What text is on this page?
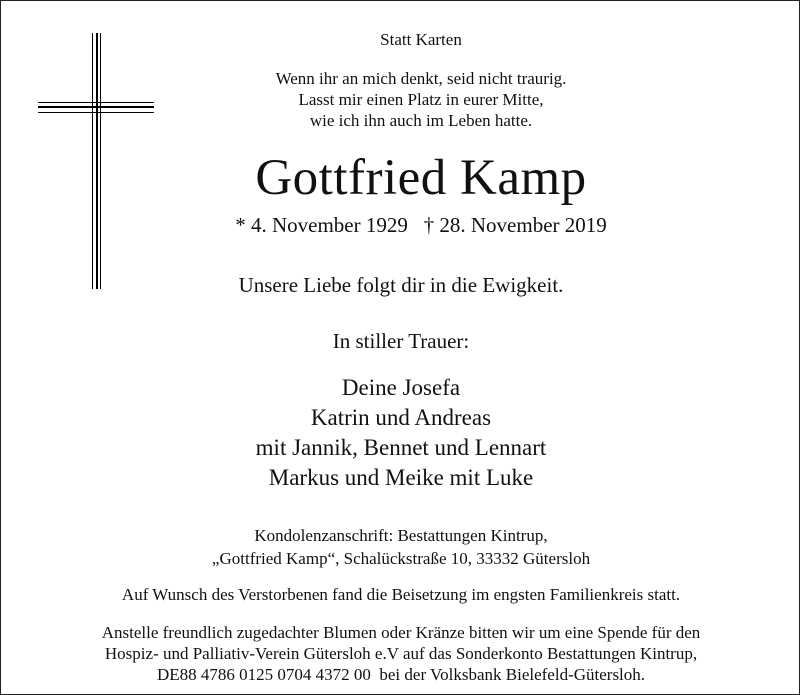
Statt Karten
Wenn ihr an mich denkt, seid nicht traurig.
Lasst mir einen Platz in eurer Mitte,
wie ich ihn auch im Leben hatte.
Gottfried Kamp
* 4. November 1929   † 28. November 2019
Unsere Liebe folgt dir in die Ewigkeit.
In stiller Trauer:
Deine Josefa
Katrin und Andreas
mit Jannik, Bennet und Lennart
Markus und Meike mit Luke
Kondolenzanschrift: Bestattungen Kintrup,
„Gottfried Kamp“, Schalückstraße 10, 33332 Gütersloh
Auf Wunsch des Verstorbenen fand die Beisetzung im engsten Familienkreis statt.
Anstelle freundlich zugedachter Blumen oder Kränze bitten wir um eine Spende für den
Hospiz- und Palliativ-Verein Gütersloh e.V auf das Sonderkonto Bestattungen Kintrup,
DE88 4786 0125 0704 4372 00  bei der Volksbank Bielefeld-Gütersloh.
